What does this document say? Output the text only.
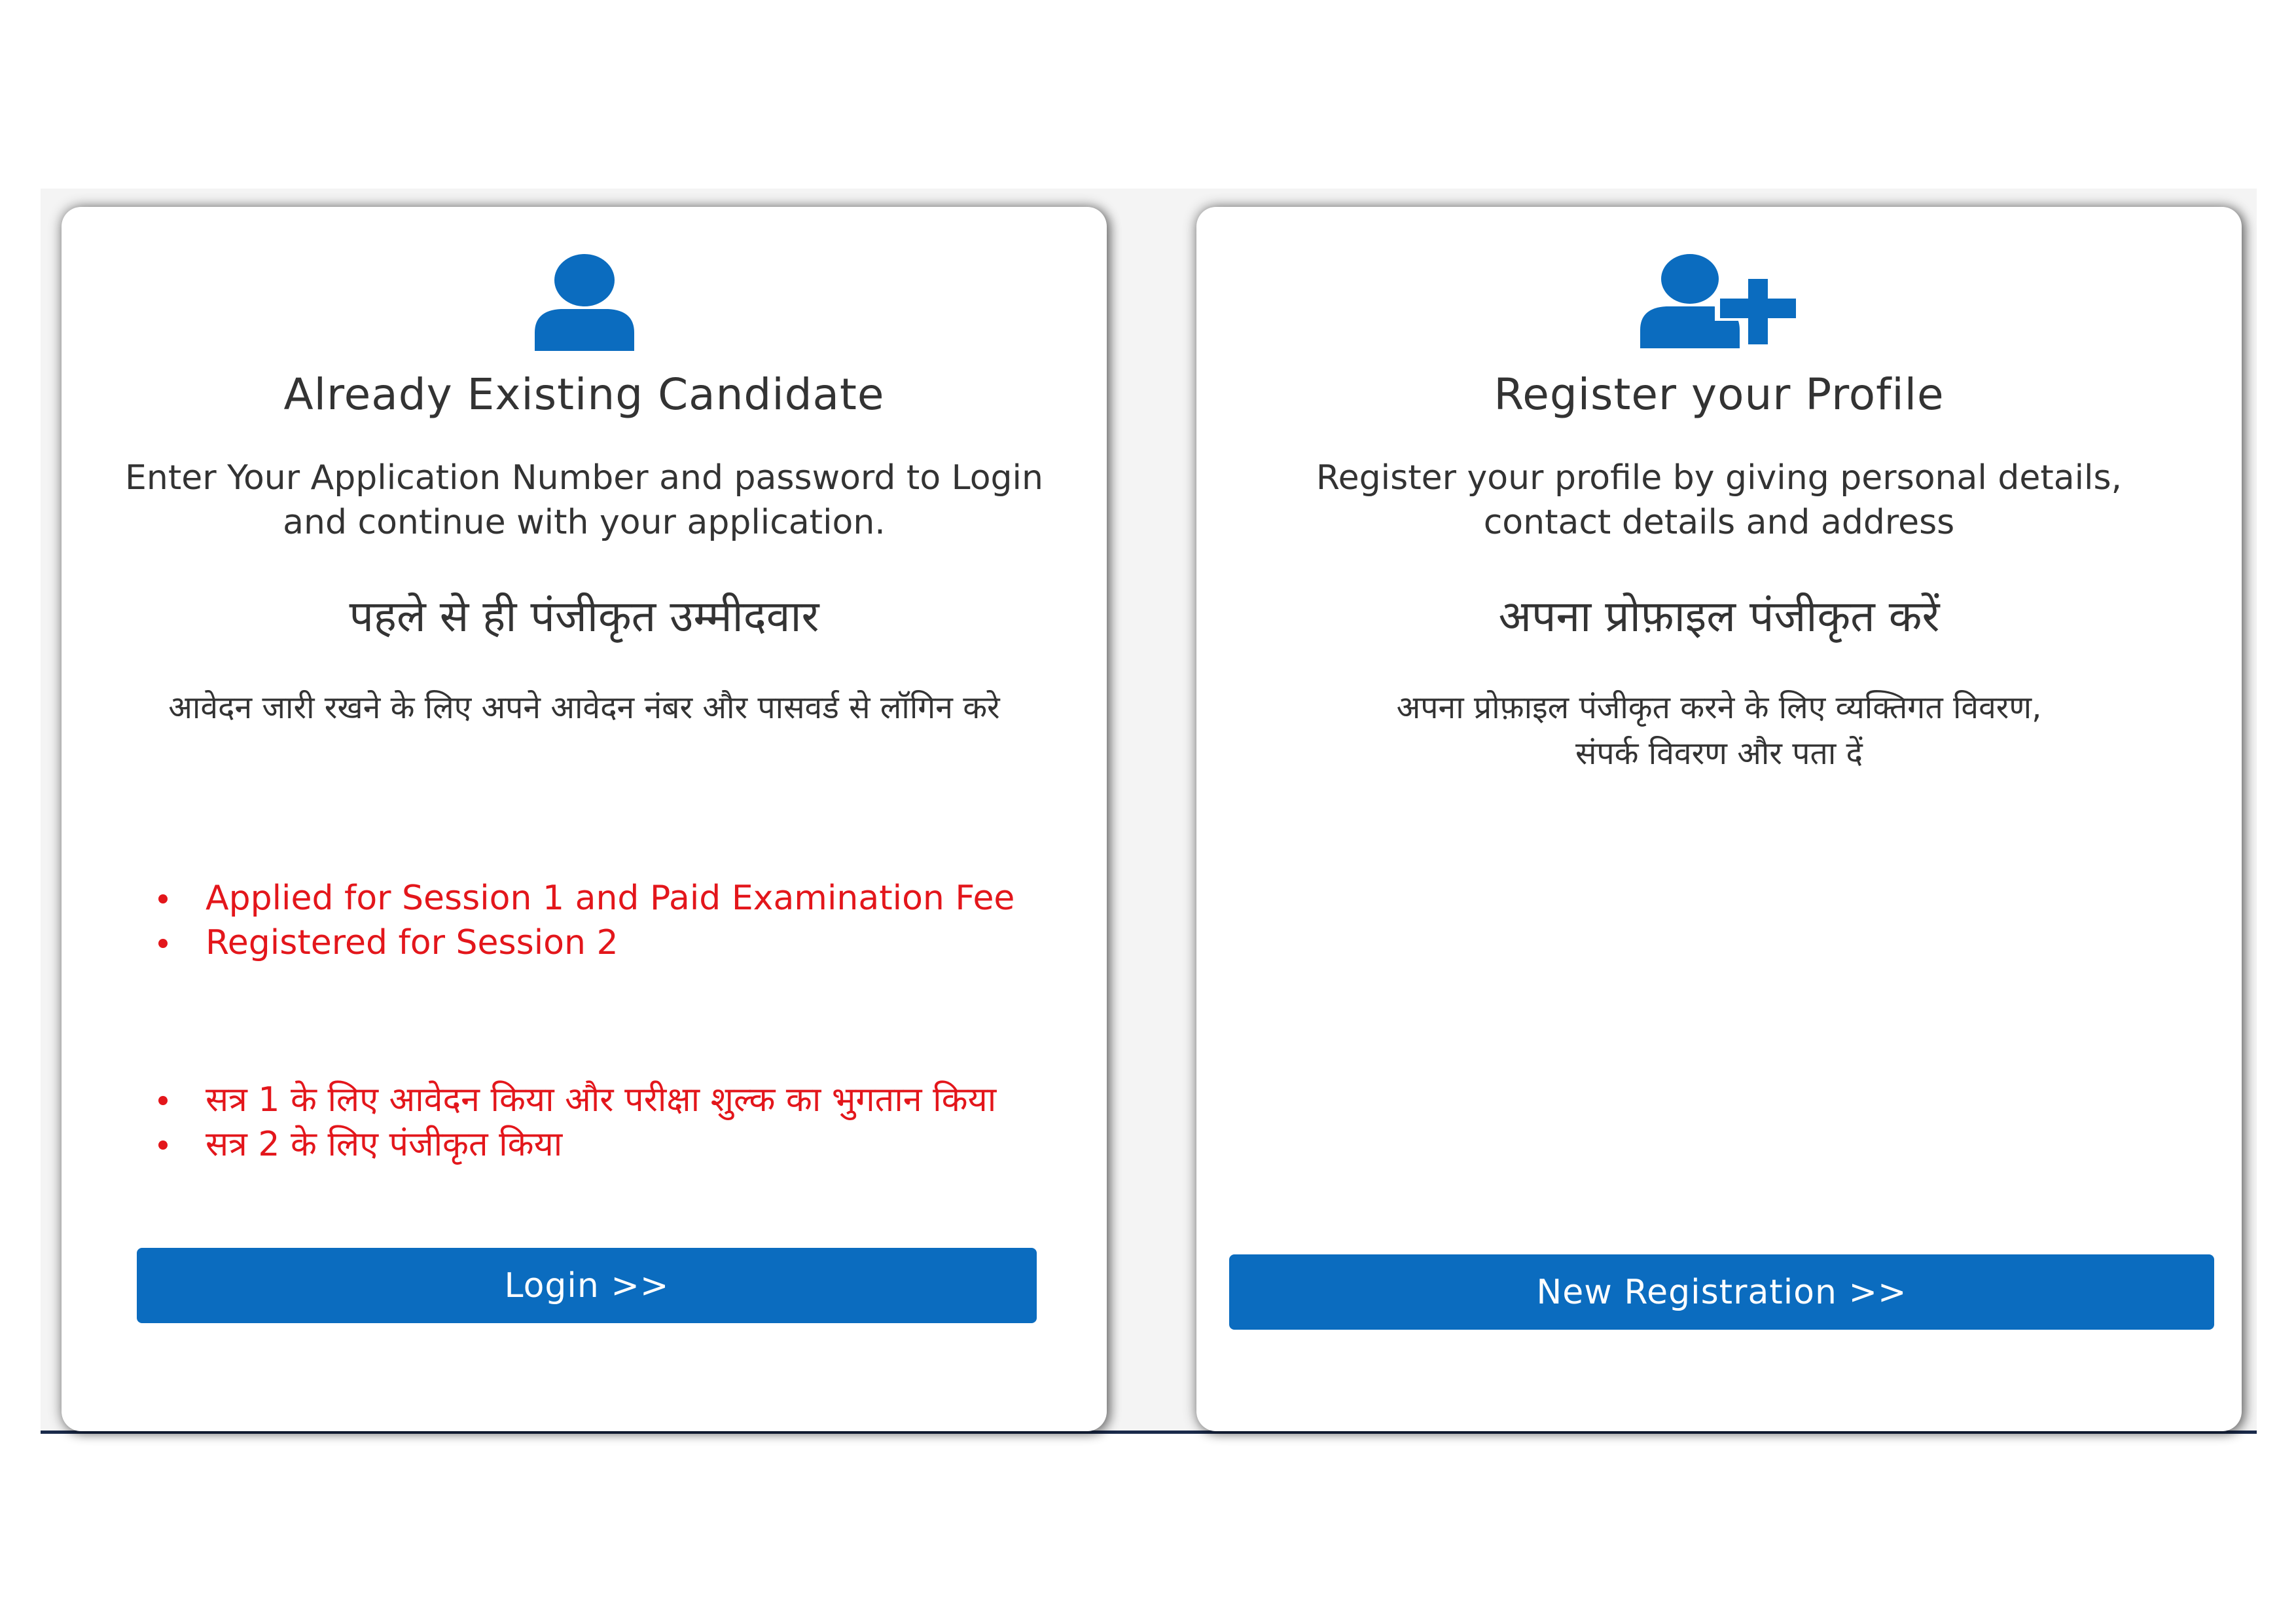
Already Existing Candidate
Enter Your Application Number and password to Login and continue with your application.
पहले से ही पंजीकृत उम्मीदवार
आवेदन जारी रखने के लिए अपने आवेदन नंबर और पासवर्ड से लॉगिन करे
Applied for Session 1 and Paid Examination Fee
Registered for Session 2
सत्र 1 के लिए आवेदन किया और परीक्षा शुल्क का भुगतान किया
सत्र 2 के लिए पंजीकृत किया
Login >>
Register your Profile
Register your profile by giving personal details, contact details and address
अपना प्रोफ़ाइल पंजीकृत करें
अपना प्रोफ़ाइल पंजीकृत करने के लिए व्यक्तिगत विवरण, संपर्क विवरण और पता दें
New Registration >>
